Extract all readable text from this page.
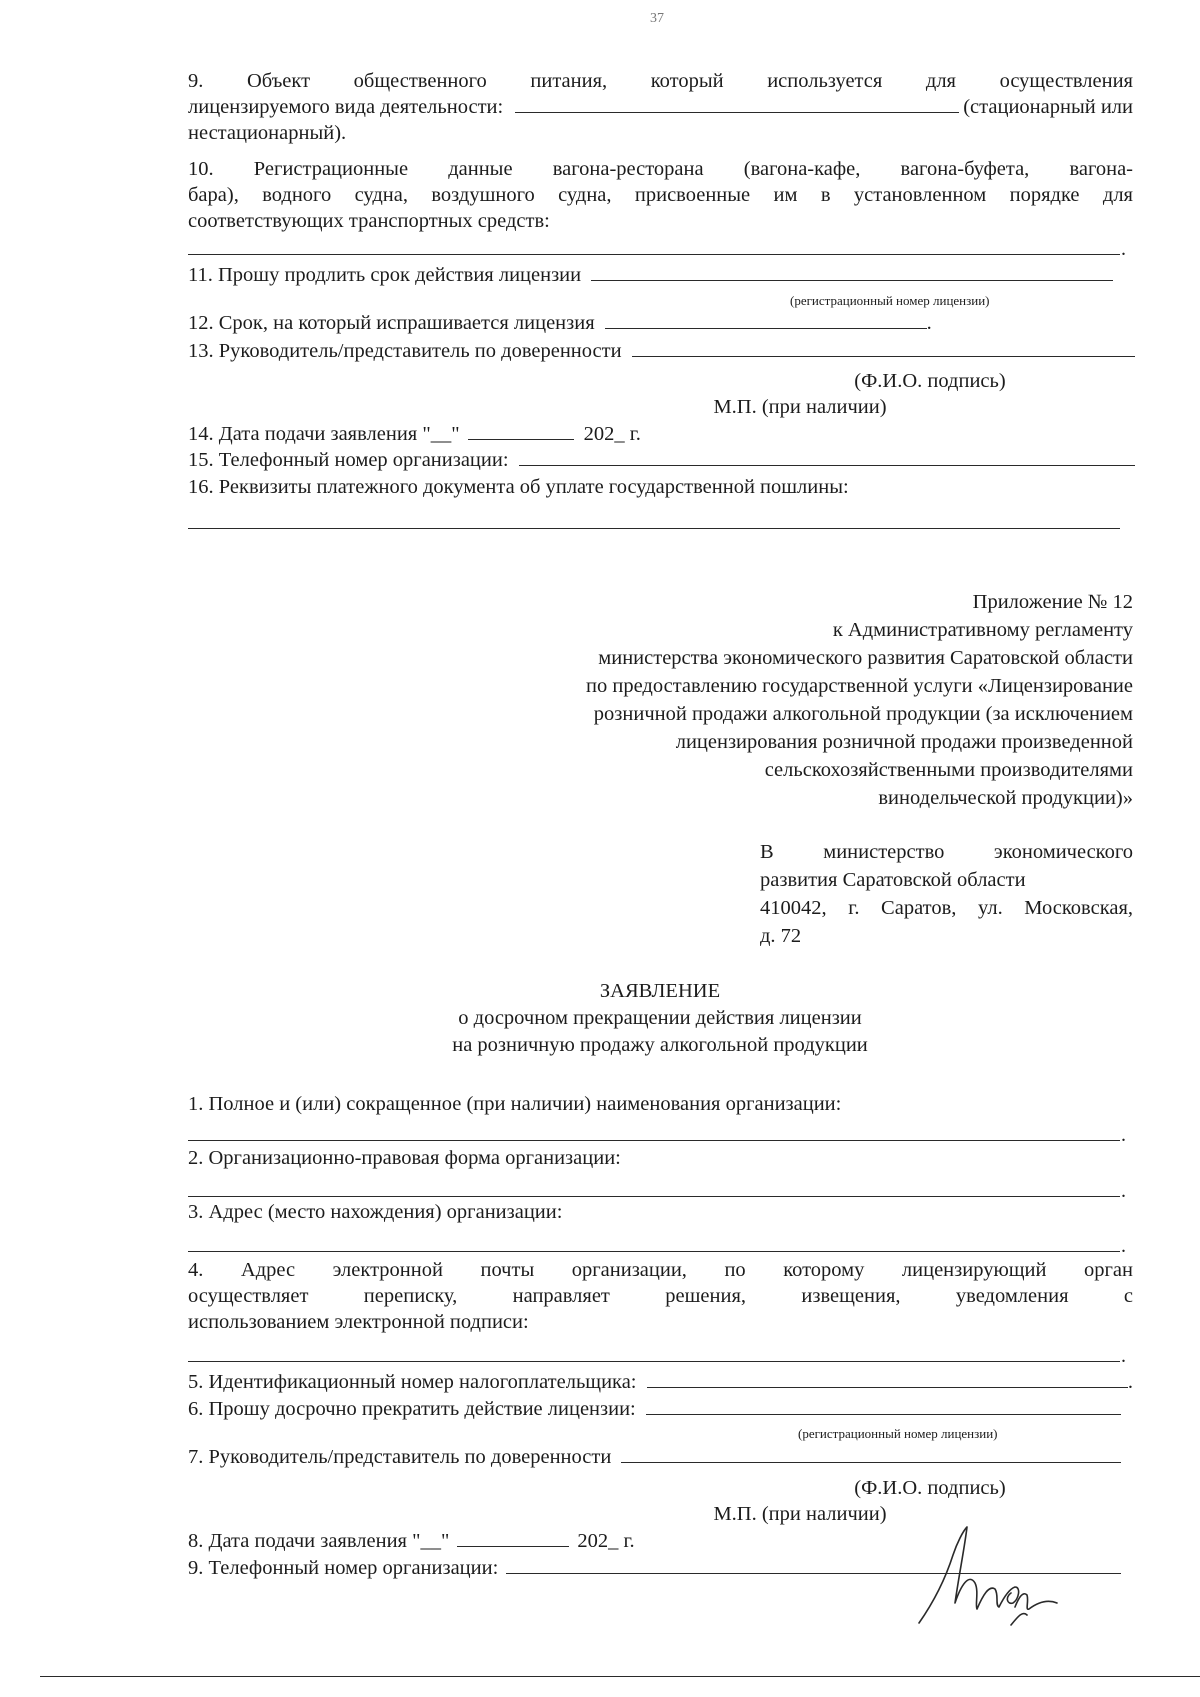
37

9. Объект общественного питания, который используется для осуществления

лицензируемого вида деятельности:	(стационарный или

нестационарный).

10. Регистрационные данные вагона-ресторана (вагона-кафе, вагона-буфета, вагона-

бара), водного судна, воздушного судна, присвоенные им в установленном порядке для

соответствующих транспортных средств:

.
11. Прошу продлить срок действия лицензии
(регистрационный номер лицензии)
12. Срок, на который испрашивается лицензия	.
13. Руководитель/представитель по доверенности
(Ф.И.О. подпись)
М.П. (при наличии)
14. Дата подачи заявления "__"	202_ г.
15. Телефонный номер организации:

16. Реквизиты платежного документа об уплате государственной пошлины:

Приложение № 12
к Административному регламенту
министерства экономического развития Саратовской области
по предоставлению государственной услуги «Лицензирование
розничной продажи алкогольной продукции (за исключением
лицензирования розничной продажи произведенной
сельскохозяйственными производителями
винодельческой продукции)»
В министерство экономического
развития Саратовской области
410042, г. Саратов, ул. Московская,
д. 72
ЗАЯВЛЕНИЕ
о досрочном прекращении действия лицензии
на розничную продажу алкогольной продукции

1. Полное и (или) сокращенное (при наличии) наименования организации:

.

2. Организационно-правовая форма организации:

.

3. Адрес (место нахождения) организации:

.

4. Адрес электронной почты организации, по которому лицензирующий орган

осуществляет переписку, направляет решения, извещения, уведомления с

использованием электронной подписи:

.
5. Идентификационный номер налогоплательщика:	.
6. Прошу досрочно прекратить действие лицензии:
(регистрационный номер лицензии)
7. Руководитель/представитель по доверенности
(Ф.И.О. подпись)
М.П. (при наличии)
8. Дата подачи заявления "__"	202_ г.
9. Телефонный номер организации:
